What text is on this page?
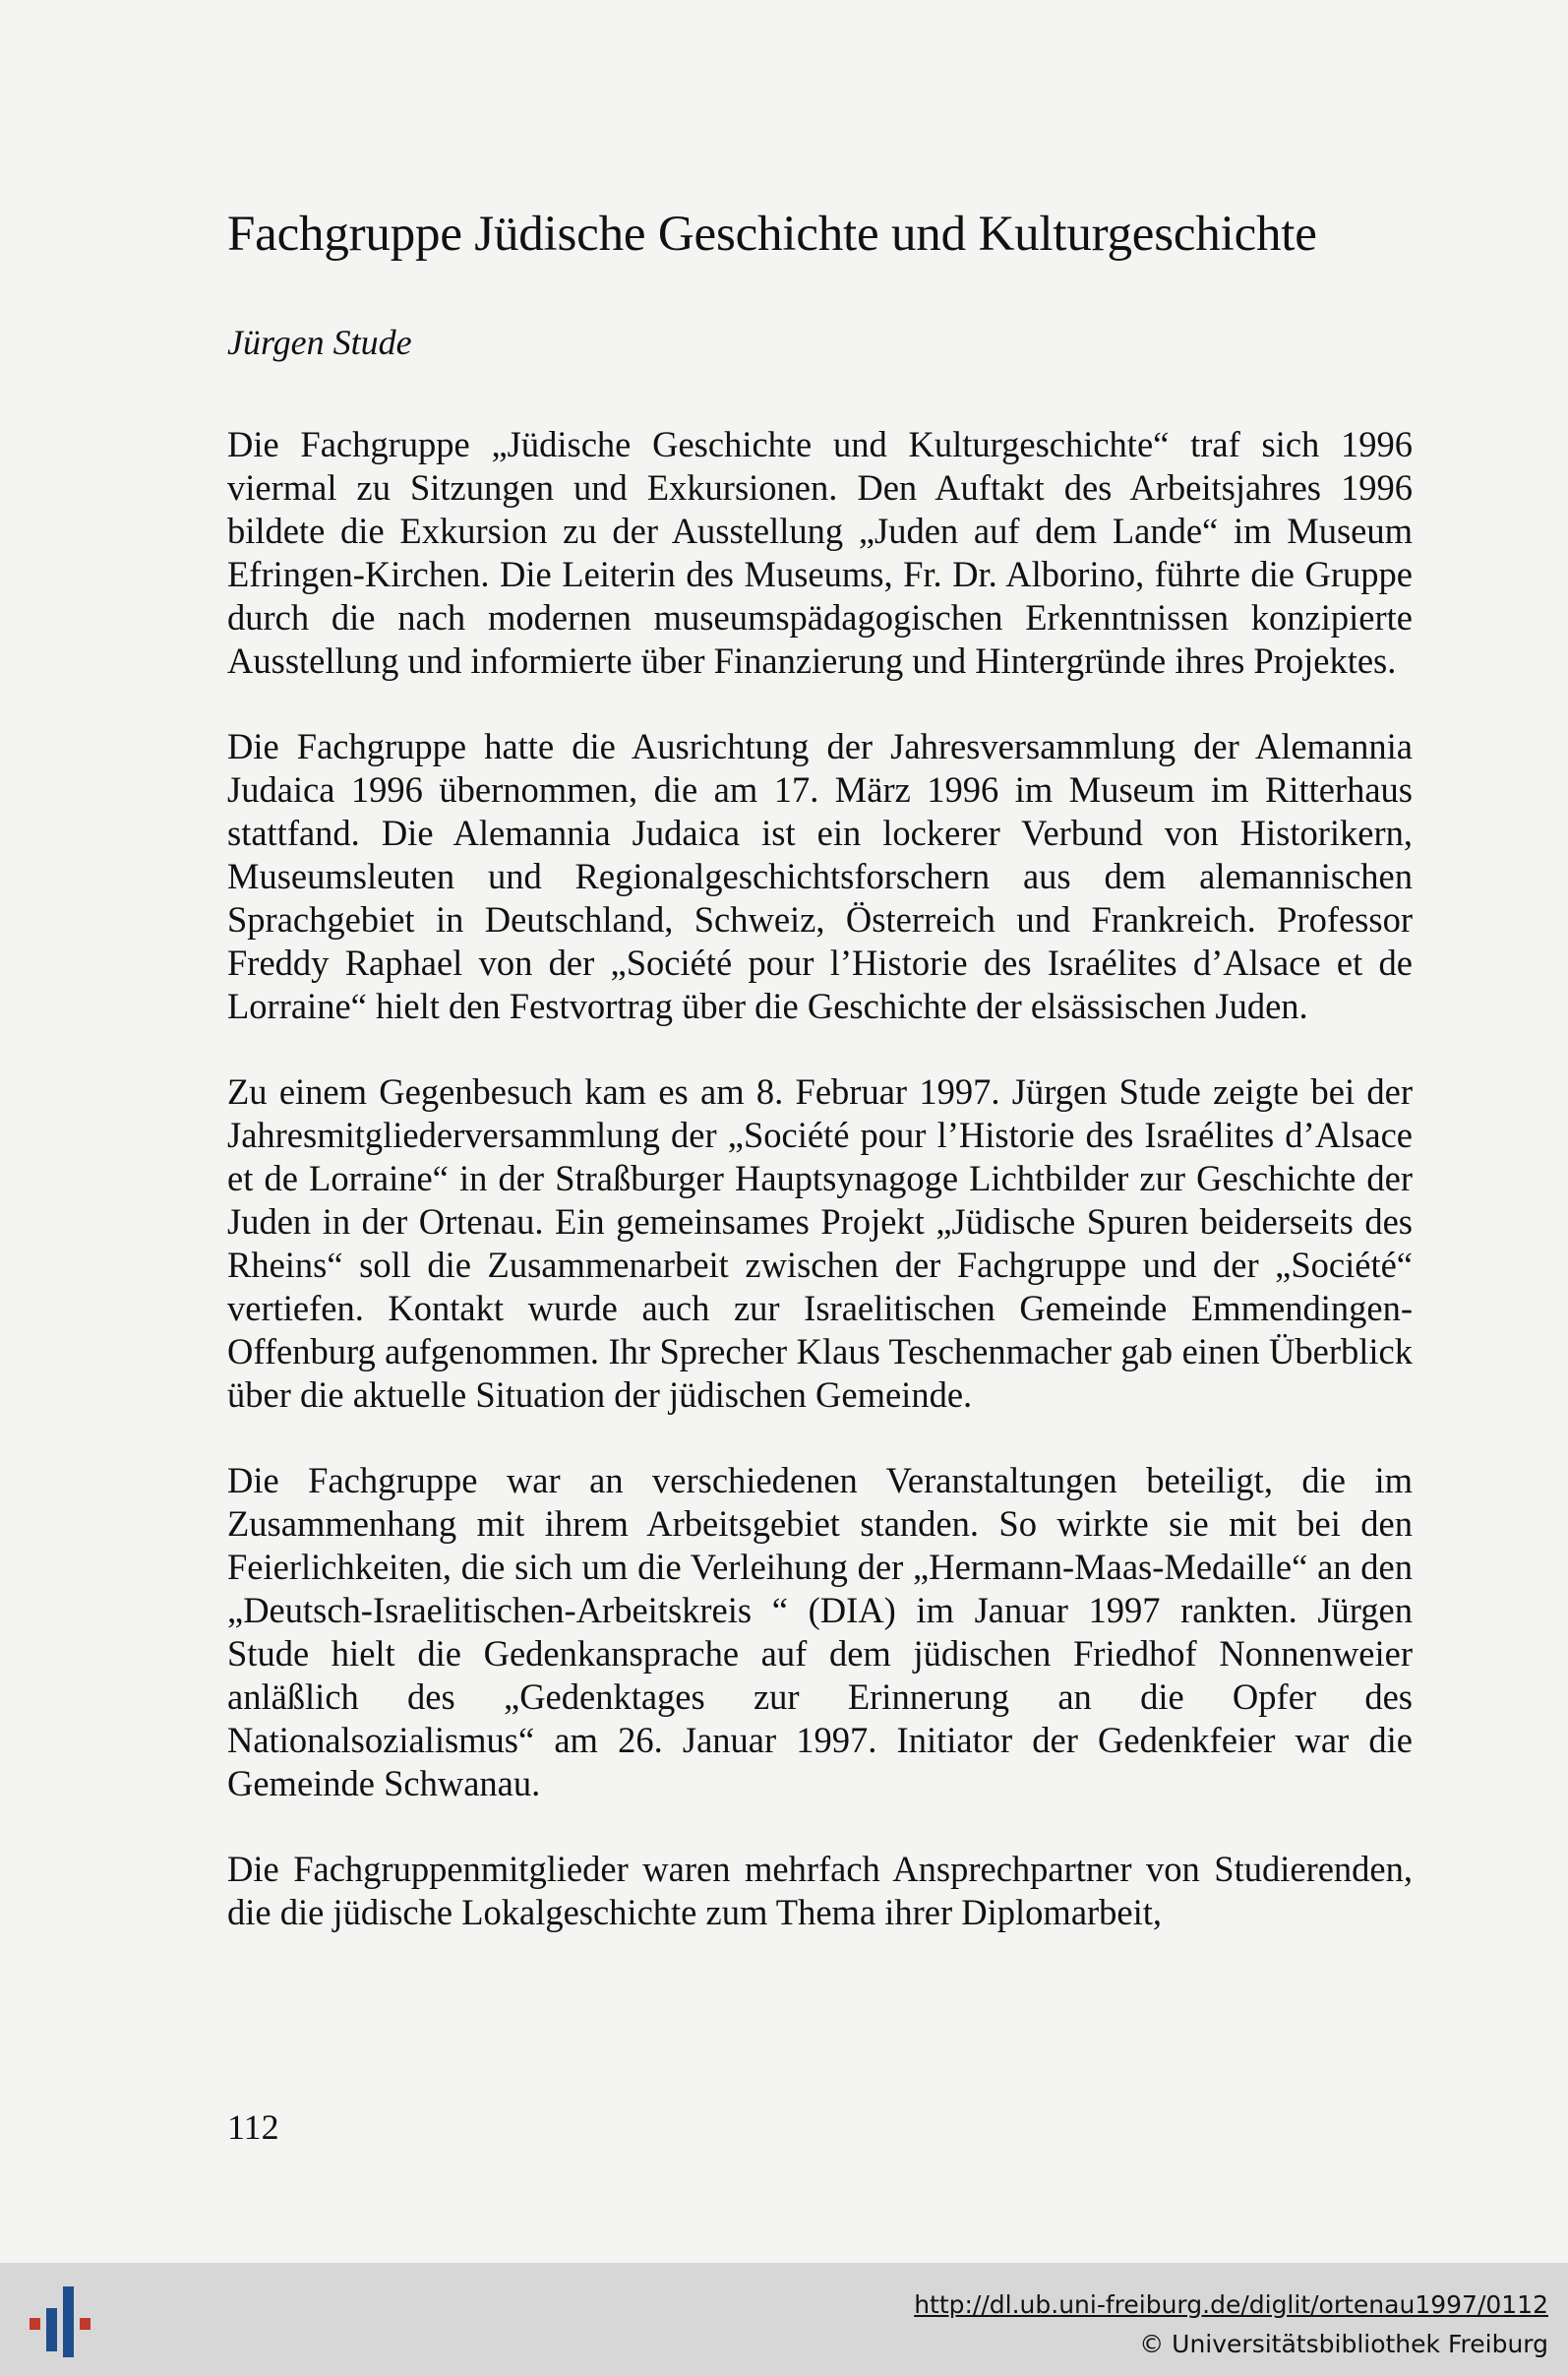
Fachgruppe Jüdische Geschichte und Kulturgeschichte
Jürgen Stude

Die Fachgruppe „Jüdische Geschichte und Kulturgeschichte“ traf sich 1996 viermal zu Sitzungen und Exkursionen. Den Auftakt des Arbeitsjahres 1996 bildete die Exkursion zu der Ausstellung „Juden auf dem Lande“ im Museum Efringen-Kirchen. Die Leiterin des Museums, Fr. Dr. Alborino, führte die Gruppe durch die nach modernen museumspädagogischen Erkenntnissen konzipierte Ausstellung und informierte über Finanzierung und Hintergründe ihres Projektes.

Die Fachgruppe hatte die Ausrichtung der Jahresversammlung der Alemannia Judaica 1996 übernommen, die am 17. März 1996 im Museum im Ritterhaus stattfand. Die Alemannia Judaica ist ein lockerer Verbund von Historikern, Museumsleuten und Regionalgeschichtsforschern aus dem alemannischen Sprachgebiet in Deutschland, Schweiz, Österreich und Frankreich. Professor Freddy Raphael von der „Société pour l’Historie des Israélites d’Alsace et de Lorraine“ hielt den Festvortrag über die Geschichte der elsässischen Juden.

Zu einem Gegenbesuch kam es am 8. Februar 1997. Jürgen Stude zeigte bei der Jahresmitgliederversammlung der „Société pour l’Historie des Israélites d’Alsace et de Lorraine“ in der Straßburger Hauptsynagoge Lichtbilder zur Geschichte der Juden in der Ortenau. Ein gemeinsames Projekt „Jüdische Spuren beiderseits des Rheins“ soll die Zusammenarbeit zwischen der Fachgruppe und der „Société“ vertiefen. Kontakt wurde auch zur Israelitischen Gemeinde Emmendingen-Offenburg aufgenommen. Ihr Sprecher Klaus Teschenmacher gab einen Überblick über die aktuelle Situation der jüdischen Gemeinde.

Die Fachgruppe war an verschiedenen Veranstaltungen beteiligt, die im Zusammenhang mit ihrem Arbeitsgebiet standen. So wirkte sie mit bei den Feierlichkeiten, die sich um die Verleihung der „Hermann-Maas-Medaille“ an den „Deutsch-Israelitischen-Arbeitskreis “ (DIA) im Januar 1997 rankten. Jürgen Stude hielt die Gedenkansprache auf dem jüdischen Friedhof Nonnenweier anläßlich des „Gedenktages zur Erinnerung an die Opfer des Nationalsozialismus“ am 26. Januar 1997. Initiator der Gedenkfeier war die Gemeinde Schwanau.

Die Fachgruppenmitglieder waren mehrfach Ansprechpartner von Studierenden, die die jüdische Lokalgeschichte zum Thema ihrer Diplomarbeit,

112
http://dl.ub.uni-freiburg.de/diglit/ortenau1997/0112
© Universitätsbibliothek Freiburg
